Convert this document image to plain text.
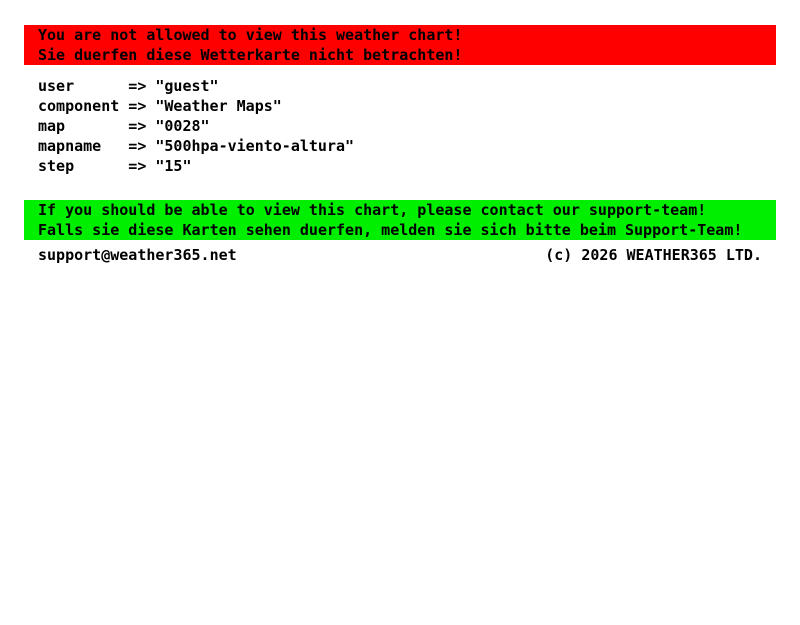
You are not allowed to view this weather chart!
Sie duerfen diese Wetterkarte nicht betrachten!
user	=> "guest"
component => "Weather Maps"
map	=> "0028"
mapname	=> "500hpa-viento-altura"
step	=> "15"
If you should be able to view this chart, please contact our support-team!
Falls sie diese Karten sehen duerfen, melden sie sich bitte beim Support-Team!
support@weather365.net	(c) 2026 WEATHER365 LTD.
